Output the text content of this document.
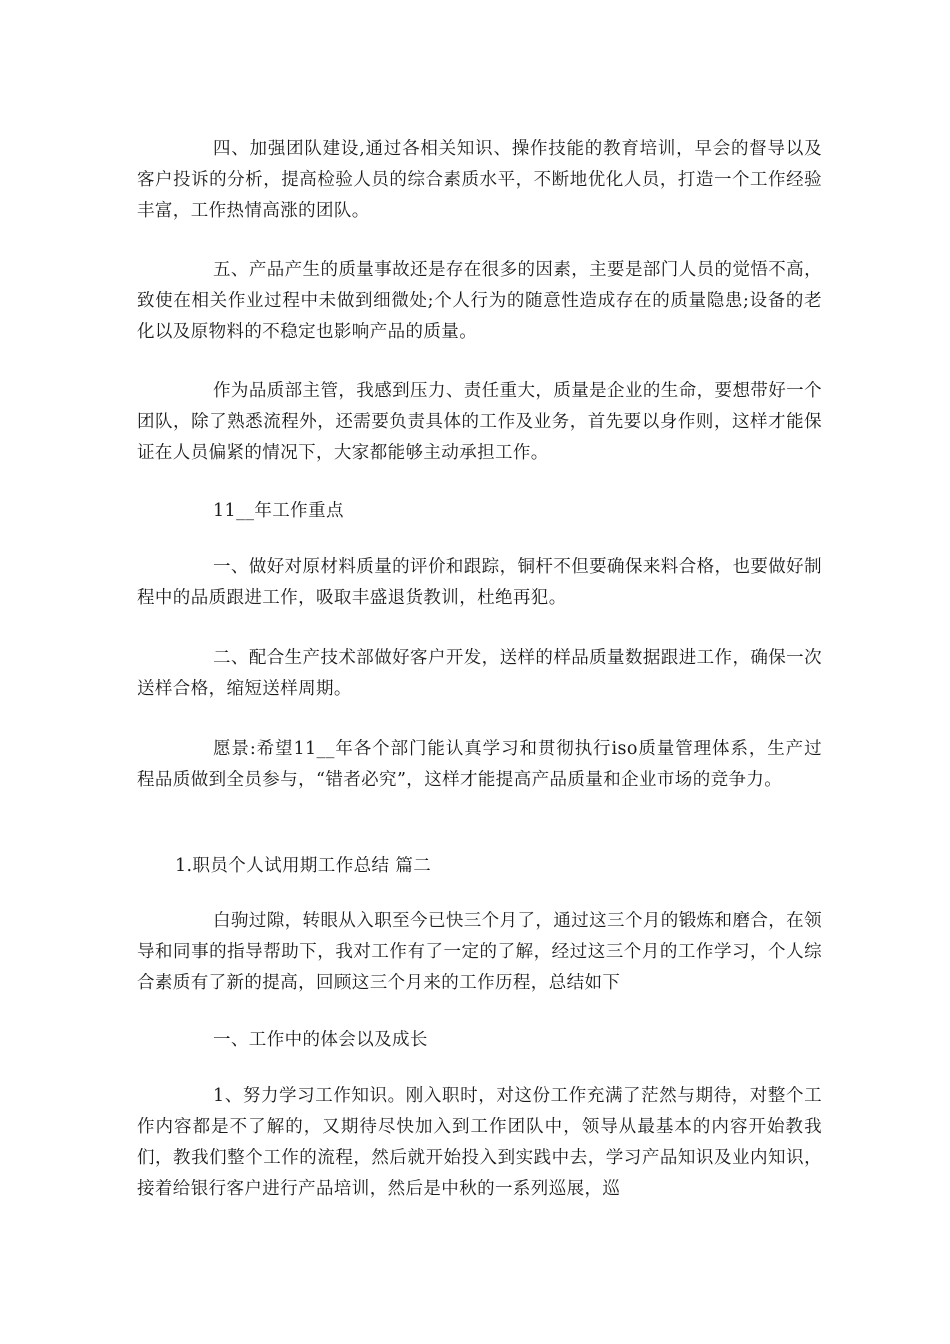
四、加强团队建设,通过各相关知识、操作技能的教育培训，早会的督导以及客户投诉的分析，提高检验人员的综合素质水平，不断地优化人员，打造一个工作经验丰富，工作热情高涨的团队。

五、产品产生的质量事故还是存在很多的因素，主要是部门人员的觉悟不高，致使在相关作业过程中未做到细微处;个人行为的随意性造成存在的质量隐患;设备的老化以及原物料的不稳定也影响产品的质量。

作为品质部主管，我感到压力、责任重大，质量是企业的生命，要想带好一个团队，除了熟悉流程外，还需要负责具体的工作及业务，首先要以身作则，这样才能保证在人员偏紧的情况下，大家都能够主动承担工作。

11__年工作重点

一、做好对原材料质量的评价和跟踪，铜杆不但要确保来料合格，也要做好制程中的品质跟进工作，吸取丰盛退货教训，杜绝再犯。

二、配合生产技术部做好客户开发，送样的样品质量数据跟进工作，确保一次送样合格，缩短送样周期。

愿景:希望11__年各个部门能认真学习和贯彻执行iso质量管理体系，生产过程品质做到全员参与，“错者必究”，这样才能提高产品质量和企业市场的竞争力。

1.职员个人试用期工作总结 篇二

白驹过隙，转眼从入职至今已快三个月了，通过这三个月的锻炼和磨合，在领导和同事的指导帮助下，我对工作有了一定的了解，经过这三个月的工作学习，个人综合素质有了新的提高，回顾这三个月来的工作历程，总结如下

一、工作中的体会以及成长

1、努力学习工作知识。刚入职时，对这份工作充满了茫然与期待，对整个工作内容都是不了解的，又期待尽快加入到工作团队中，领导从最基本的内容开始教我们，教我们整个工作的流程，然后就开始投入到实践中去，学习产品知识及业内知识，接着给银行客户进行产品培训，然后是中秋的一系列巡展，巡
